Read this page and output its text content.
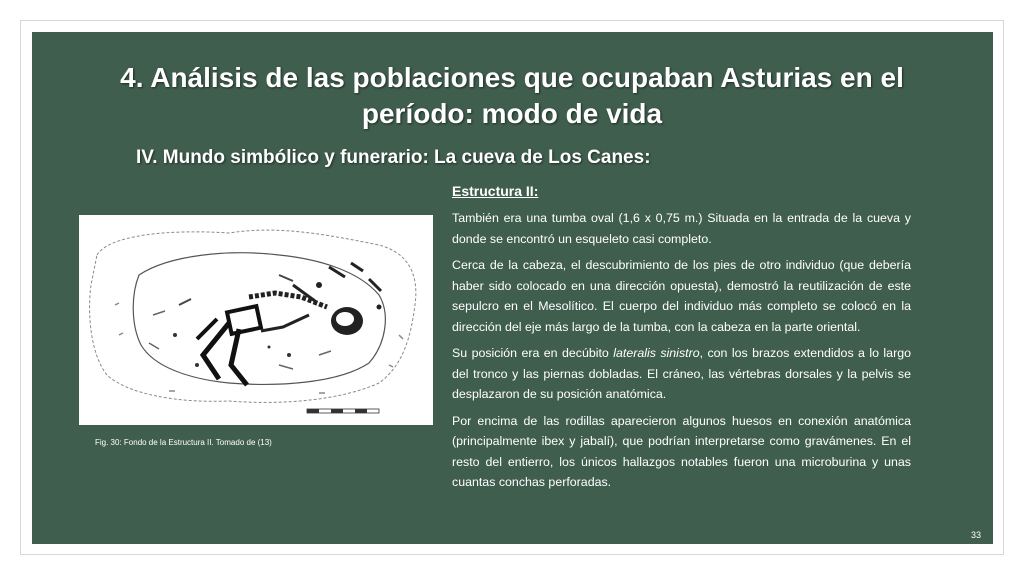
4. Análisis de las poblaciones que ocupaban Asturias en el período: modo de vida
IV. Mundo simbólico y funerario: La cueva de Los Canes:
Fig. 30: Fondo de la Estructura II. Tomado de (13)
Estructura II:

También era una tumba oval (1,6 x 0,75 m.) Situada en la entrada de la cueva y donde se encontró un esqueleto casi completo.

Cerca de la cabeza, el descubrimiento de los pies de otro individuo (que debería haber sido colocado en una dirección opuesta), demostró la reutilización de este sepulcro en el Mesolítico. El cuerpo del individuo más completo se colocó en la dirección del eje más largo de la tumba, con la cabeza en la parte oriental.

Su posición era en decúbito lateralis sinistro, con los brazos extendidos a lo largo del tronco y las piernas dobladas. El cráneo, las vértebras dorsales y la pelvis se desplazaron de su posición anatómica.

Por encima de las rodillas aparecieron algunos huesos en conexión anatómica (principalmente ibex y jabalí), que podrían interpretarse como gravámenes. En el resto del entierro, los únicos hallazgos notables fueron una microburina y unas cuantas conchas perforadas.

33
